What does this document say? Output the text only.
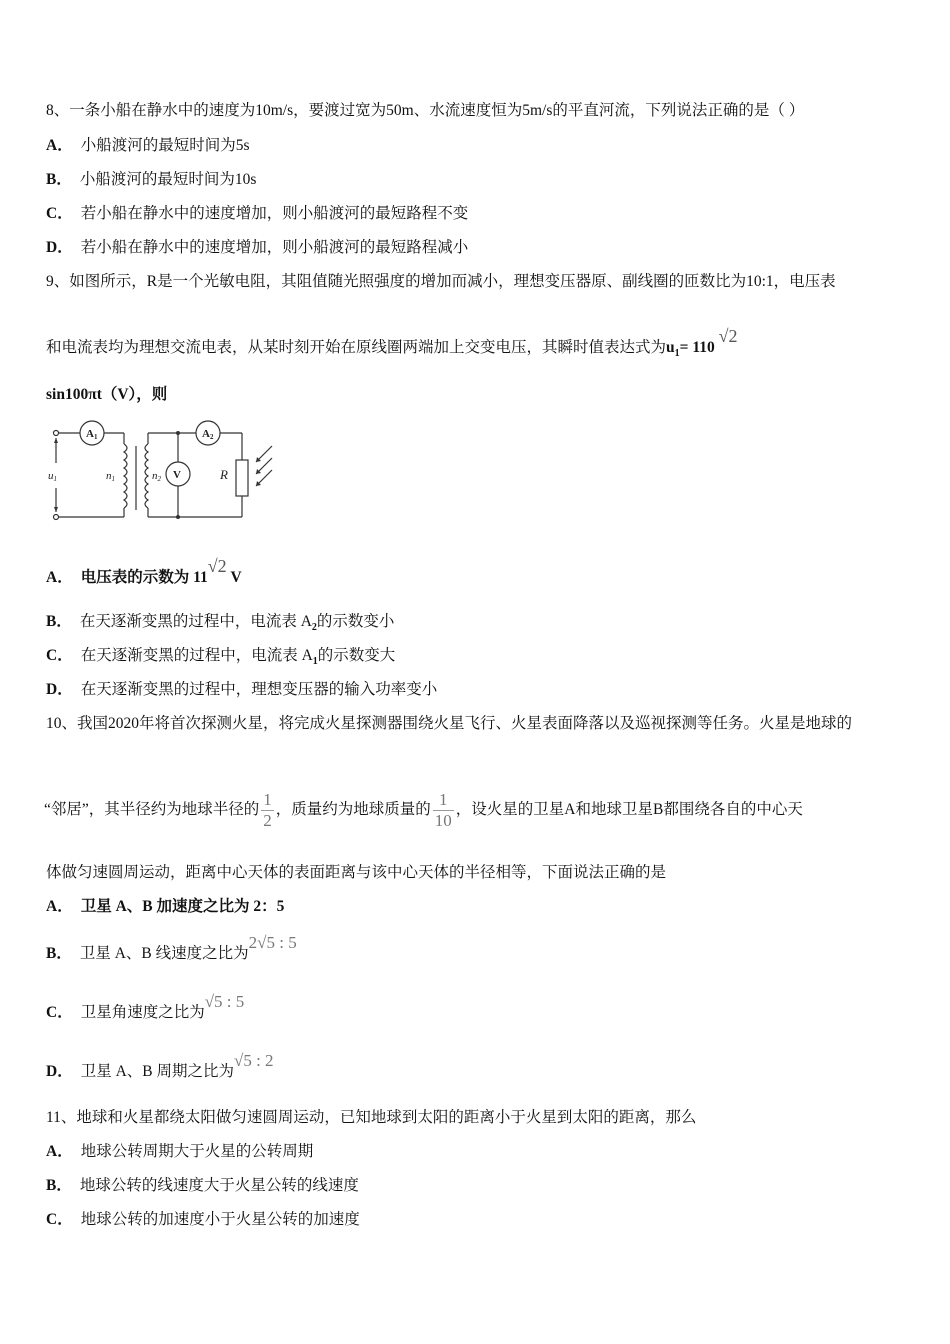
8、一条小船在静水中的速度为10m/s，要渡过宽为50m、水流速度恒为5m/s的平直河流，下列说法正确的是（ ）
A． 小船渡河的最短时间为5s
B． 小船渡河的最短时间为10s
C． 若小船在静水中的速度增加，则小船渡河的最短路程不变
D． 若小船在静水中的速度增加，则小船渡河的最短路程减小
9、如图所示，R是一个光敏电阻，其阻值随光照强度的增加而减小，理想变压器原、副线圈的匝数比为10:1，电压表
和电流表均为理想交流电表，从某时刻开始在原线圈两端加上交变电压，其瞬时值表达式为$u_1= 110$ √2
sin100πt（V），则
A1	A2
V
u1	n1	n2	R
A． 电压表的示数为 11√2 V
B． 在天逐渐变黑的过程中，电流表 $A_2$的示数变小
C． 在天逐渐变黑的过程中，电流表 $A_1$的示数变大
D． 在天逐渐变黑的过程中，理想变压器的输入功率变小
10、我国2020年将首次探测火星，将完成火星探测器围绕火星飞行、火星表面降落以及巡视探测等任务。火星是地球的
“邻居”，其半径约为地球半径的 $\frac{1}{2}$ ，质量约为地球质量的 $\frac{1}{10}$ ，设火星的卫星A和地球卫星B都围绕各自的中心天
体做匀速圆周运动，距离中心天体的表面距离与该中心天体的半径相等，下面说法正确的是
A． 卫星 A、B 加速度之比为 2：5
B． 卫星 A、B 线速度之比为2√5 : 5
C． 卫星角速度之比为√5 : 5
D． 卫星 A、B 周期之比为√5 : 2
11、地球和火星都绕太阳做匀速圆周运动，已知地球到太阳的距离小于火星到太阳的距离，那么
A． 地球公转周期大于火星的公转周期
B． 地球公转的线速度大于火星公转的线速度
C． 地球公转的加速度小于火星公转的加速度
